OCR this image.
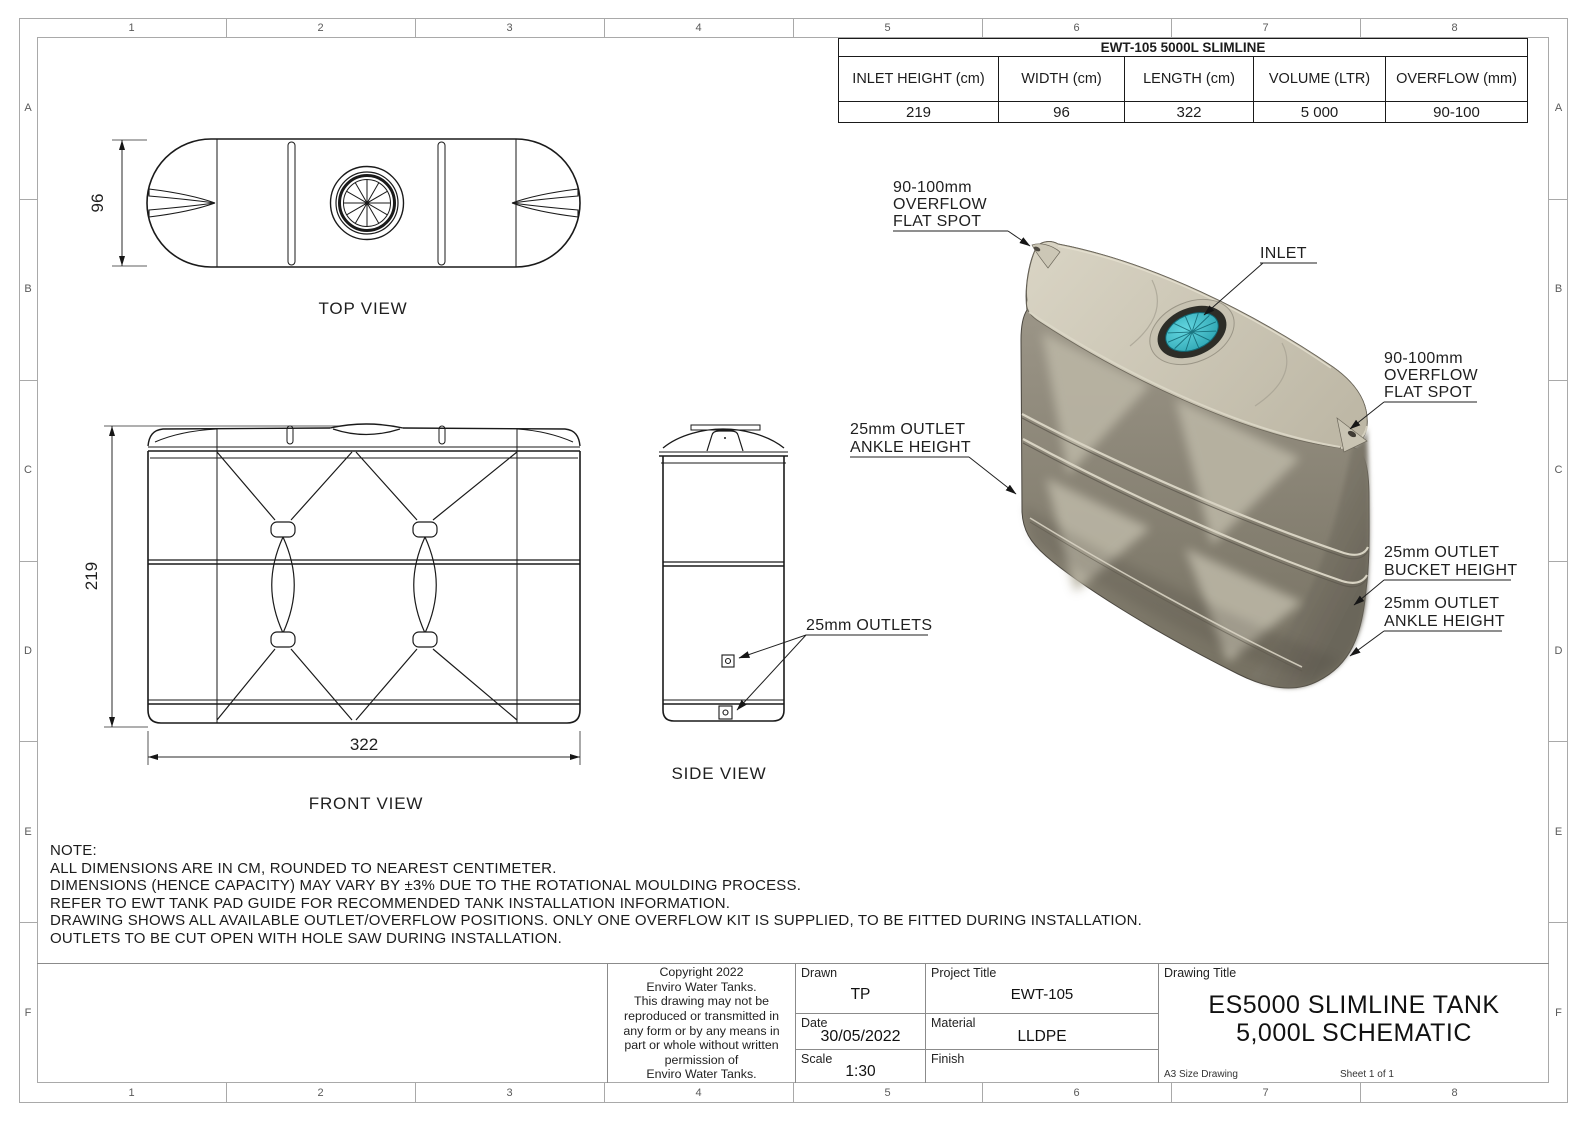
1
1
2
2
3
3
4
4
5
5
6
6
7
7
8
8
A	A
B	B
C	C
D	D
E	E
F	F
EWT-105 5000L SLIMLINE				
INLET HEIGHT (cm)	WIDTH (cm)	LENGTH (cm)	VOLUME (LTR)	OVERFLOW (mm)
219	96	322	5 000	90-100
NOTE:
ALL DIMENSIONS ARE IN CM, ROUNDED TO NEAREST CENTIMETER.
DIMENSIONS (HENCE CAPACITY) MAY VARY BY ±3% DUE TO THE ROTATIONAL MOULDING PROCESS.
REFER TO EWT TANK PAD GUIDE FOR RECOMMENDED TANK INSTALLATION INFORMATION.
DRAWING SHOWS ALL AVAILABLE OUTLET/OVERFLOW POSITIONS. ONLY ONE OVERFLOW KIT IS SUPPLIED, TO BE FITTED DURING INSTALLATION.
OUTLETS TO BE CUT OPEN WITH HOLE SAW DURING INSTALLATION.
Copyright 2022
Enviro Water Tanks.
This drawing may not be
reproduced or transmitted in
any form or by any means in
part or whole without written
permission of
Enviro Water Tanks.
Drawn
TP
Date
30/05/2022
Scale
1:30
Project Title
EWT-105
Material
LLDPE
Finish
Drawing Title
ES5000 SLIMLINE TANK
5,000L SCHEMATIC
A3 Size Drawing	Sheet 1 of 1
96
TOP VIEW
219
322
FRONT VIEW
SIDE VIEW
25mm OUTLETS
90-100mm
OVERFLOW
FLAT SPOT
INLET
90-100mm
OVERFLOW
FLAT SPOT
25mm OUTLET
ANKLE HEIGHT
25mm OUTLET
BUCKET HEIGHT
25mm OUTLET
ANKLE HEIGHT
